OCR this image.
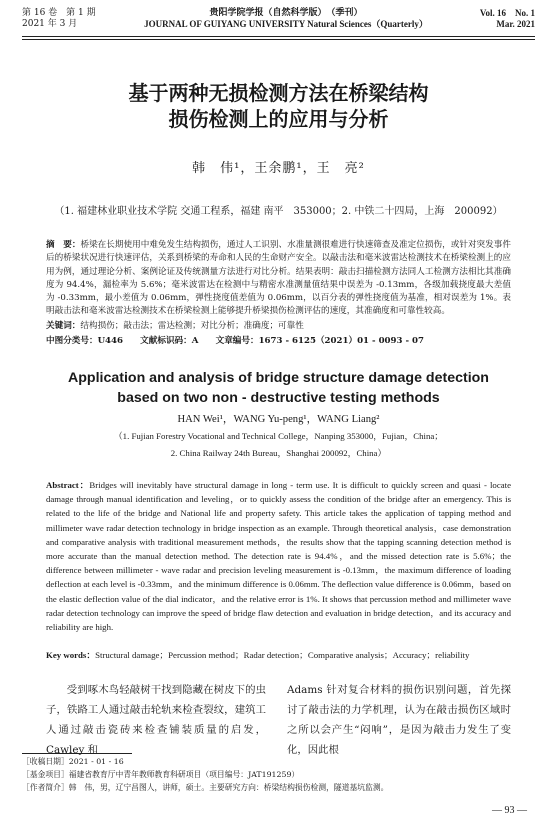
第 16 卷　第 1 期
2021 年 3 月
贵阳学院学报（自然科学版）　（季刊）
JOURNAL OF GUIYANG UNIVERSITY Natural Sciences（Quarterly）
Vol. 16　No. 1
Mar. 2021
基于两种无损检测方法在桥梁结构
损伤检测上的应用与分析
韩　伟¹，王余鹏¹，王　亮²
（1. 福建林业职业技术学院 交通工程系，福建 南平　353000；2. 中铁二十四局，上海　200092）
摘　要：桥梁在长期使用中难免发生结构损伤，通过人工识别、水准量测很难进行快速筛查及准定位损伤，或针对突发事件后的桥梁状况进行快速评估，关系到桥梁的寿命和人民的生命财产安全。以敲击法和毫米波雷达检测技术在桥梁检测上的应用为例，通过理论分析、案例论证及传统测量方法进行对比分析。结果表明：敲击扫描检测方法同人工检测方法相比其准确度为 94.4%，漏检率为 5.6%；毫米波雷达在检测中与精密水准测量值结果中误差为 -0.13mm，各级加载挠度最大差值为 -0.33mm，最小差值为 0.06mm，弹性挠度值差值为 0.06mm，以百分表的弹性挠度值为基准，相对误差为 1%。表明敲击法和毫米波雷达检测技术在桥梁检测上能够提升桥梁损伤检测评估的速度，其准确度和可靠性较高。
关键词：结构损伤；敲击法；雷达检测；对比分析；准确度；可靠性
中图分类号：U446　　文献标识码：A　　文章编号：1673 - 6125（2021）01 - 0093 - 07
Application and analysis of bridge structure damage detection
based on two non - destructive testing methods
HAN Wei¹，WANG Yu-peng¹，WANG Liang²
（1. Fujian Forestry Vocational and Technical College，Nanping 353000，Fujian，China；
2. China Railway 24th Bureau，Shanghai 200092，China）
Abstract：Bridges will inevitably have structural damage in long - term use. It is difficult to quickly screen and quasi - locate damage through manual identification and leveling，or to quickly assess the condition of the bridge after an emergency. This is related to the life of the bridge and National life and property safety. This article takes the application of tapping method and millimeter wave radar detection technology in bridge inspection as an example. Through theoretical analysis，case demonstration and comparative analysis with traditional measurement methods，the results show that the tapping scanning detection method is more accurate than the manual detection method. The detection rate is 94.4%，and the missed detection rate is 5.6%；the difference between millimeter - wave radar and precision leveling measurement is -0.13mm，the maximum difference of loading deflection at each level is -0.33mm，and the minimum difference is 0.06mm. The deflection value difference is 0.06mm，based on the elastic deflection value of the dial indicator，and the relative error is 1%. It shows that percussion method and millimeter wave radar detection technology can improve the speed of bridge flaw detection and evaluation in bridge detection，and its accuracy and reliability are high.
Key words：Structural damage；Percussion method；Radar detection；Comparative analysis；Accuracy；reliability
受到啄木鸟轻敲树干找到隐藏在树皮下的虫子，铁路工人通过敲击轮轨来检查裂纹，建筑工人通过敲击瓷砖来检查铺装质量的启发，Cawley 和
Adams 针对复合材料的损伤识别问题，首先探讨了敲击法的力学机理，认为在敲击损伤区域时之所以会产生“闷响”，是因为敲击力发生了变化，因此根
［收稿日期］2021 - 01 - 16
［基金项目］福建省教育厅中青年教师教育科研项目（项目编号：JAT191259）
［作者简介］韩　伟，男，辽宁昌图人，讲师，硕士。主要研究方向：桥梁结构损伤检测，隧道基坑监测。
— 93 —
